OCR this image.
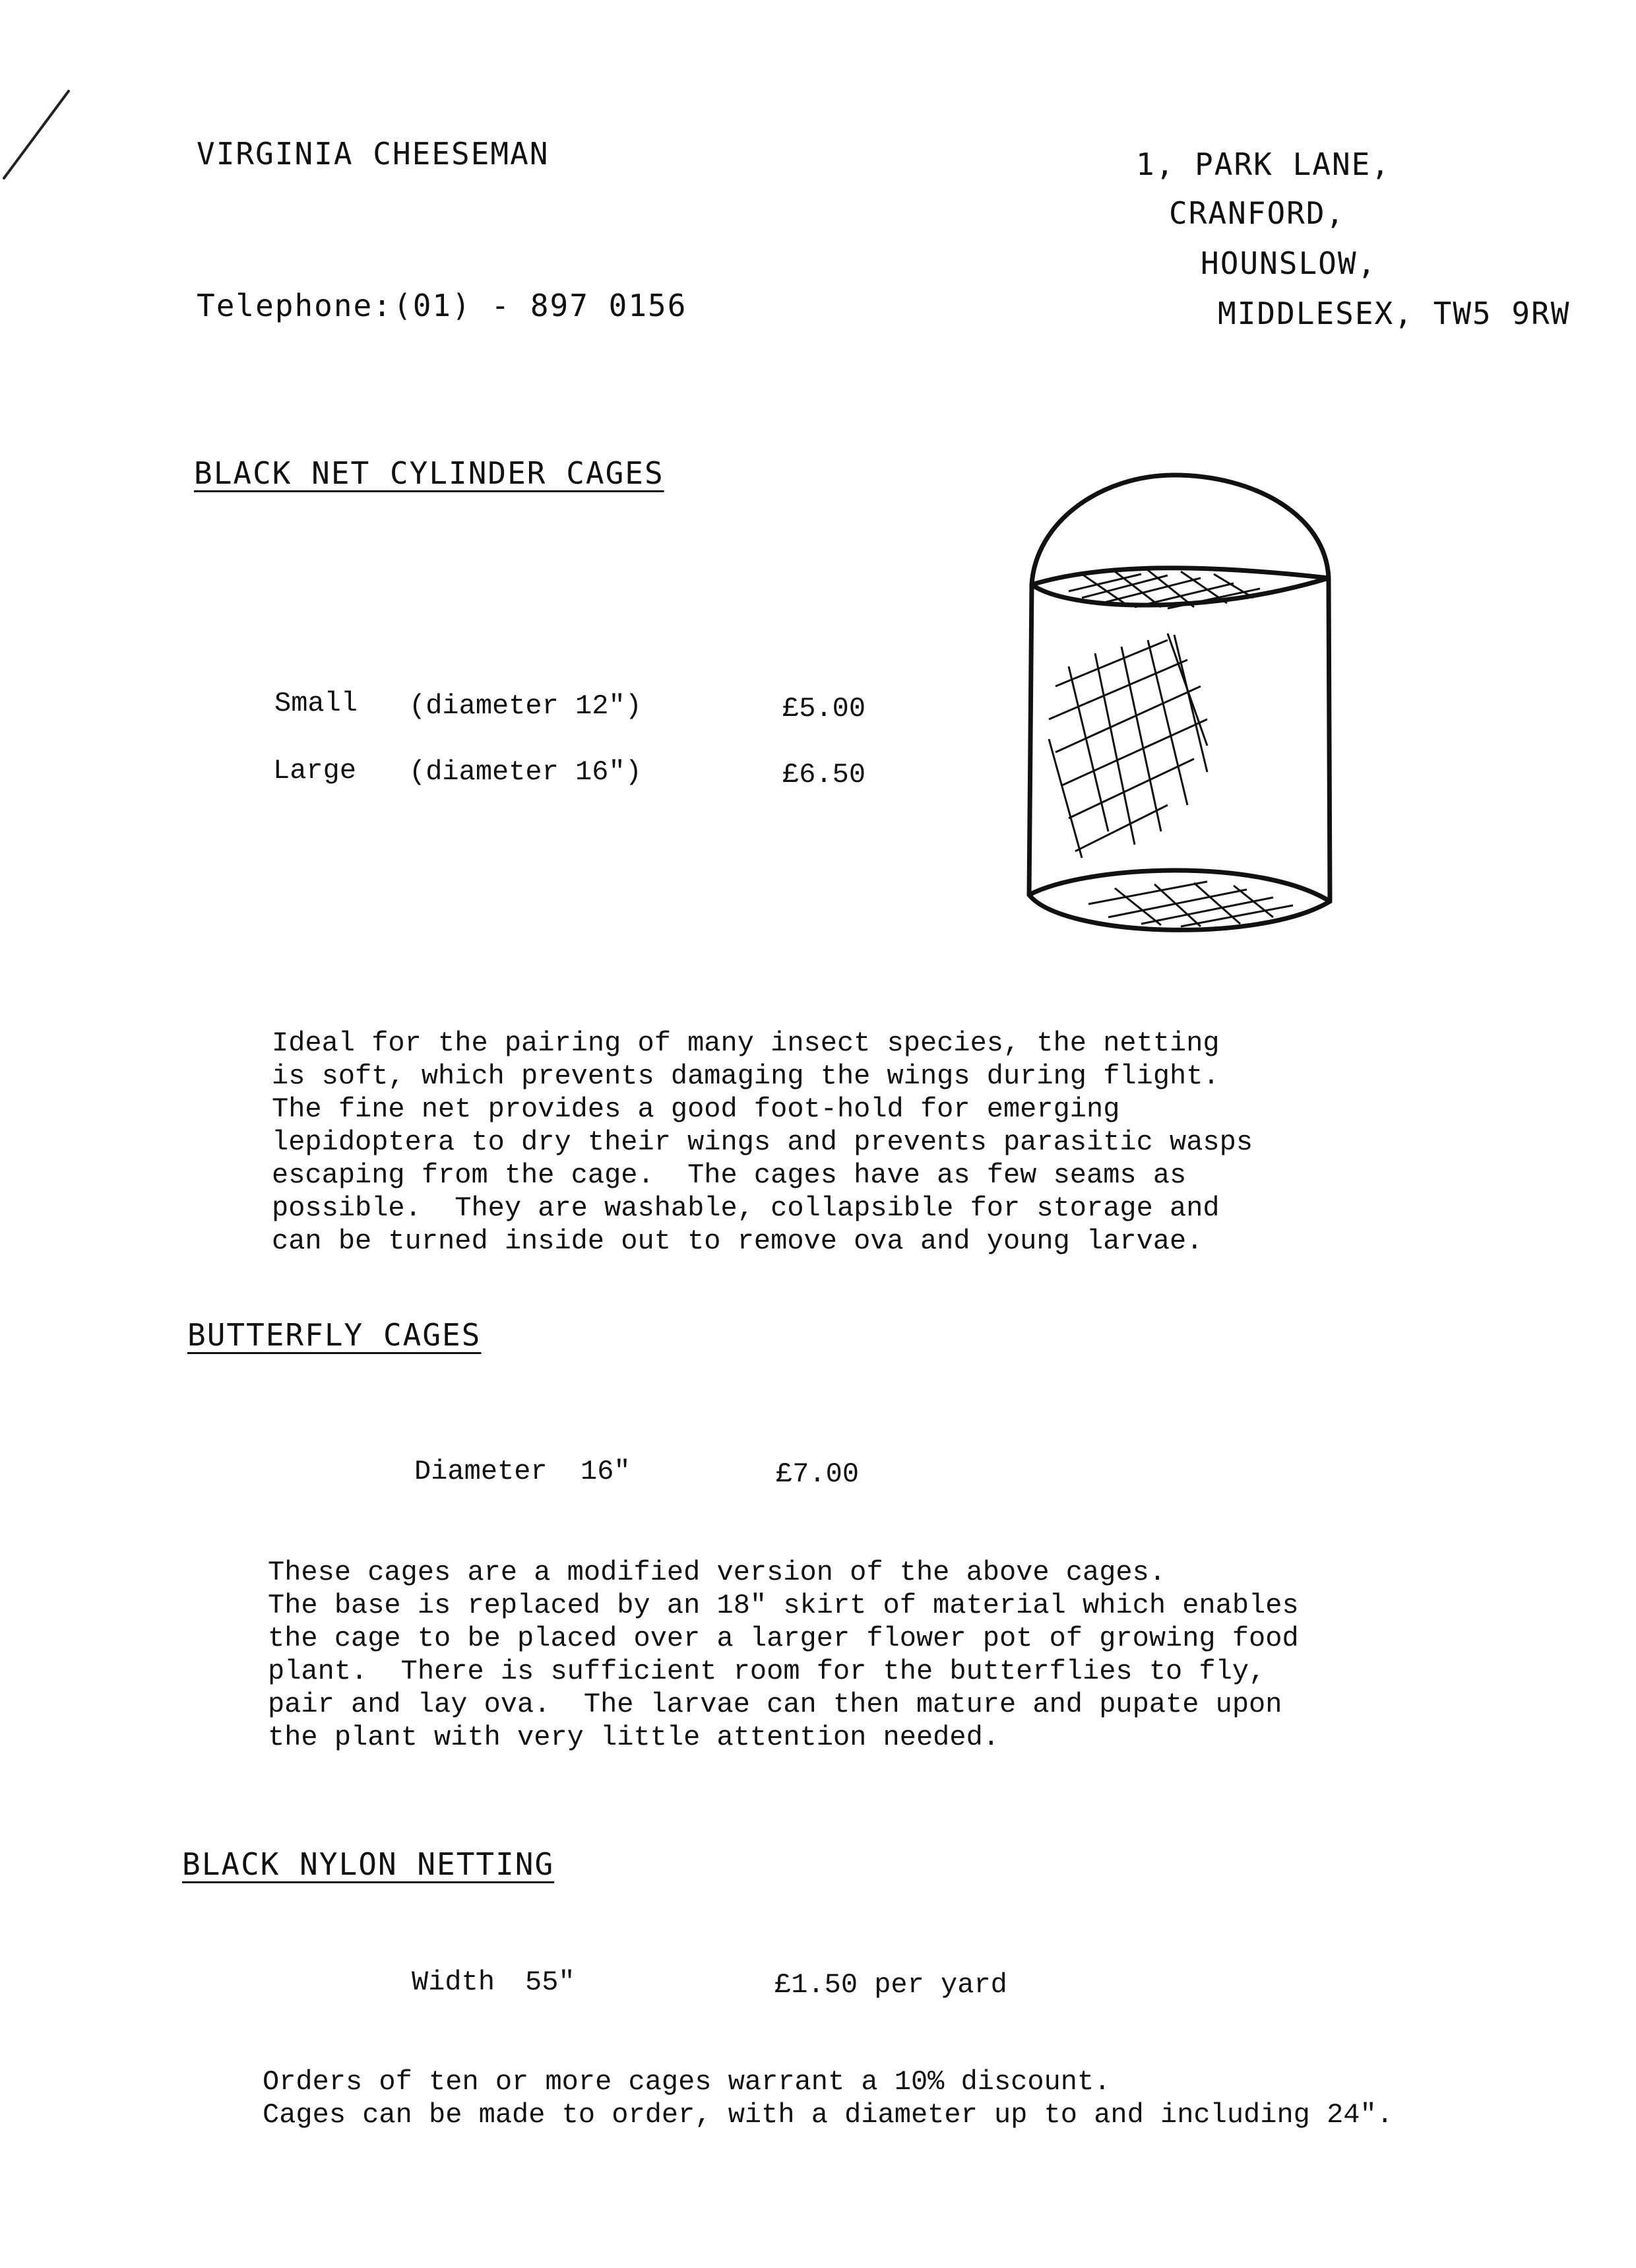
VIRGINIA CHEESEMAN
Telephone: (01) - 897 0156
1, PARK LANE,
CRANFORD,
HOUNSLOW,
MIDDLESEX, TW5 9RW
BLACK NET CYLINDER CAGES
Small (diameter 12")	£5.00
Large (diameter 16")	£6.50
Ideal for the pairing of many insect species, the netting
is soft, which prevents damaging the wings during flight.
The fine net provides a good foot-hold for emerging
lepidoptera to dry their wings and prevents parasitic wasps
escaping from the cage.  The cages have as few seams as
possible.  They are washable, collapsible for storage and
can be turned inside out to remove ova and young larvae.
BUTTERFLY CAGES
Diameter 16"	£7.00
These cages are a modified version of the above cages.
The base is replaced by an 18" skirt of material which enables
the cage to be placed over a larger flower pot of growing food
plant.  There is sufficient room for the butterflies to fly,
pair and lay ova.  The larvae can then mature and pupate upon
the plant with very little attention needed.
BLACK NYLON NETTING
Width 55"	£1.50 per yard
Orders of ten or more cages warrant a 10% discount.
Cages can be made to order, with a diameter up to and including 24".
